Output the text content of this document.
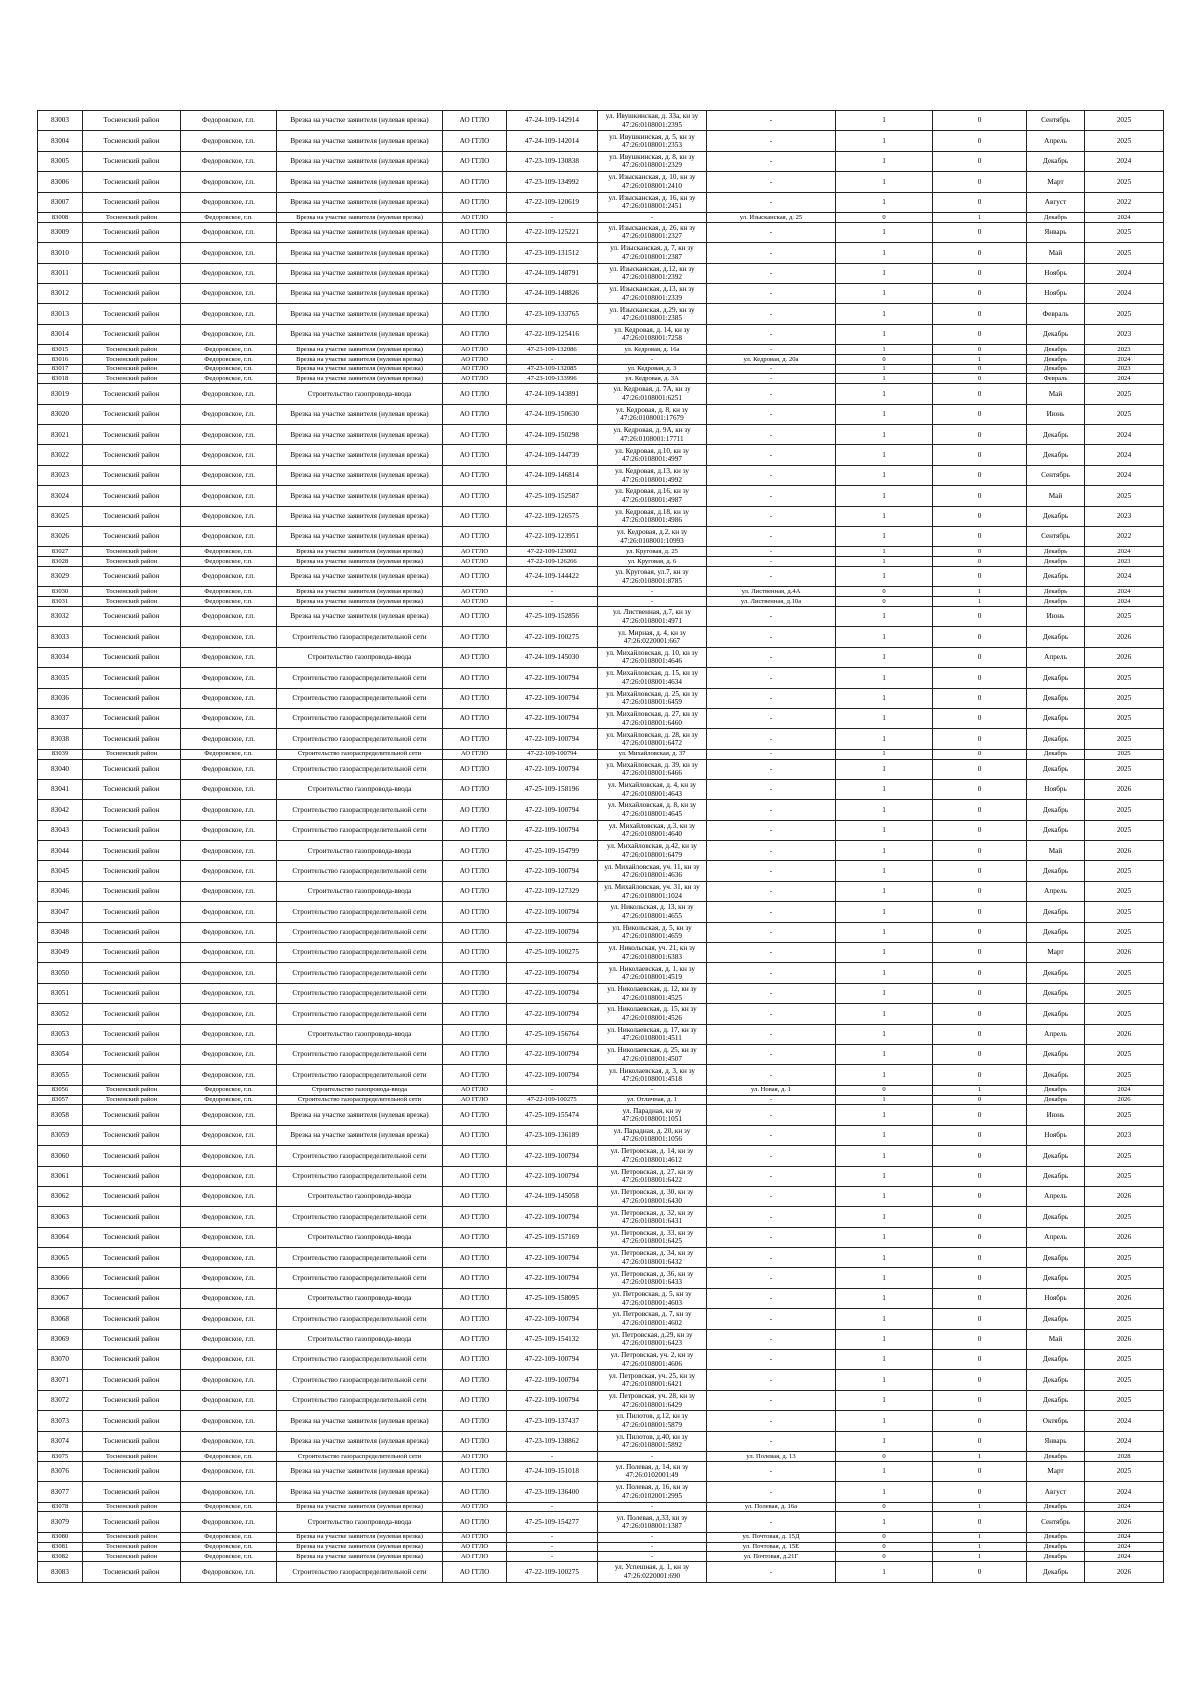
83003	Тосненский район	Федоровское, г.п.	Врезка на участке заявителя (нулевая врезка)	АО ГГЛО	47-24-109-142914	ул. Ивушкинская, д. 33а, кн зу 47:26:0108001:2395	-	1	0	Сентябрь	2025
83004	Тосненский район	Федоровское, г.п.	Врезка на участке заявителя (нулевая врезка)	АО ГГЛО	47-24-109-142014	ул. Ивушкинская, д. 5, кн зу 47:26:0108001:2353	-	1	0	Апрель	2025
83005	Тосненский район	Федоровское, г.п.	Врезка на участке заявителя (нулевая врезка)	АО ГГЛО	47-23-109-130838	ул. Ивушкинская, д. 8, кн зу 47:26:0108001:2329	-	1	0	Декабрь	2024
83006	Тосненский район	Федоровское, г.п.	Врезка на участке заявителя (нулевая врезка)	АО ГГЛО	47-23-109-134992	ул. Изысканская, д. 10, кн зу 47:26:0108001:2410	-	1	0	Март	2025
83007	Тосненский район	Федоровское, г.п.	Врезка на участке заявителя (нулевая врезка)	АО ГГЛО	47-22-109-120619	ул. Изысканская, д. 16, кн зу 47:26:0108001:2451	-	1	0	Август	2022
83008	Тосненский район	Федоровское, г.п.	Врезка на участке заявителя (нулевая врезка)	АО ГГЛО	-	-	ул. Изысканская, д. 25	0	1	Декабрь	2024
83009	Тосненский район	Федоровское, г.п.	Врезка на участке заявителя (нулевая врезка)	АО ГГЛО	47-22-109-125221	ул. Изысканская, д. 26, кн зу 47:26:0108001:2327	-	1	0	Январь	2025
83010	Тосненский район	Федоровское, г.п.	Врезка на участке заявителя (нулевая врезка)	АО ГГЛО	47-23-109-131512	ул. Изысканская, д. 7, кн зу 47:26:0108001:2387	-	1	0	Май	2025
83011	Тосненский район	Федоровское, г.п.	Врезка на участке заявителя (нулевая врезка)	АО ГГЛО	47-24-109-148791	ул. Изысканская, д.12, кн зу 47:26:0108001:2392	-	1	0	Ноябрь	2024
83012	Тосненский район	Федоровское, г.п.	Врезка на участке заявителя (нулевая врезка)	АО ГГЛО	47-24-109-148826	ул. Изысканская, д.13, кн зу 47:26:0108001:2339	-	1	0	Ноябрь	2024
83013	Тосненский район	Федоровское, г.п.	Врезка на участке заявителя (нулевая врезка)	АО ГГЛО	47-23-109-133765	ул. Изысканская, д.29, кн зу 47:26:0108001:2385	-	1	0	Февраль	2025
83014	Тосненский район	Федоровское, г.п.	Врезка на участке заявителя (нулевая врезка)	АО ГГЛО	47-22-109-125416	ул. Кедровая, д. 14, кн зу 47:26:0108001:7258	-	1	0	Декабрь	2023
83015	Тосненский район	Федоровское, г.п.	Врезка на участке заявителя (нулевая врезка)	АО ГГЛО	47-23-109-132086	ул. Кедровая, д. 16а	-	1	0	Декабрь	2023
83016	Тосненский район	Федоровское, г.п.	Врезка на участке заявителя (нулевая врезка)	АО ГГЛО	-	-	ул. Кедровая, д. 20а	0	1	Декабрь	2024
83017	Тосненский район	Федоровское, г.п.	Врезка на участке заявителя (нулевая врезка)	АО ГГЛО	47-23-109-132085	ул. Кедровая, д. 3	-	1	0	Декабрь	2023
83018	Тосненский район	Федоровское, г.п.	Врезка на участке заявителя (нулевая врезка)	АО ГГЛО	47-23-109-133996	ул. Кедровая, д. 3А	-	1	0	Февраль	2024
83019	Тосненский район	Федоровское, г.п.	Строительство газопровода-ввода	АО ГГЛО	47-24-109-143891	ул. Кедровая, д. 7А, кн зу 47:26:0108001:6251	-	1	0	Май	2025
83020	Тосненский район	Федоровское, г.п.	Врезка на участке заявителя (нулевая врезка)	АО ГГЛО	47-24-109-150630	ул. Кедровая, д. 8, кн зу 47:26:0108001:17679	-	1	0	Июнь	2025
83021	Тосненский район	Федоровское, г.п.	Врезка на участке заявителя (нулевая врезка)	АО ГГЛО	47-24-109-150298	ул. Кедровая, д. 9А, кн зу 47:26:0108001:17711	-	1	0	Декабрь	2024
83022	Тосненский район	Федоровское, г.п.	Врезка на участке заявителя (нулевая врезка)	АО ГГЛО	47-24-109-144739	ул. Кедровая, д.10, кн зу 47:26:0108001:4997	-	1	0	Декабрь	2024
83023	Тосненский район	Федоровское, г.п.	Врезка на участке заявителя (нулевая врезка)	АО ГГЛО	47-24-109-146814	ул. Кедровая, д.13, кн зу 47:26:0108001:4992	-	1	0	Сентябрь	2024
83024	Тосненский район	Федоровское, г.п.	Врезка на участке заявителя (нулевая врезка)	АО ГГЛО	47-25-109-152587	ул. Кедровая, д.16, кн зу 47:26:0108001:4987	-	1	0	Май	2025
83025	Тосненский район	Федоровское, г.п.	Врезка на участке заявителя (нулевая врезка)	АО ГГЛО	47-22-109-126575	ул. Кедровая, д.18, кн зу 47:26:0108001:4986	-	1	0	Декабрь	2023
83026	Тосненский район	Федоровское, г.п.	Врезка на участке заявителя (нулевая врезка)	АО ГГЛО	47-22-109-123951	ул. Кедровая, д.2, кн зу 47:26:0108001:10993	-	1	0	Сентябрь	2022
83027	Тосненский район	Федоровское, г.п.	Врезка на участке заявителя (нулевая врезка)	АО ГГЛО	47-22-109-123002	ул. Круговая, д. 25	-	1	0	Декабрь	2024
83028	Тосненский район	Федоровское, г.п.	Врезка на участке заявителя (нулевая врезка)	АО ГГЛО	47-22-109-126266	ул. Круговая, д. 6	-	1	0	Декабрь	2023
83029	Тосненский район	Федоровское, г.п.	Врезка на участке заявителя (нулевая врезка)	АО ГГЛО	47-24-109-144422	ул. Круговая, ул.7, кн зу 47:26:0108001:8785	-	1	0	Декабрь	2024
83030	Тосненский район	Федоровское, г.п.	Врезка на участке заявителя (нулевая врезка)	АО ГГЛО	-	-	ул. Лиственная, д.4А	0	1	Декабрь	2024
83031	Тосненский район	Федоровское, г.п.	Врезка на участке заявителя (нулевая врезка)	АО ГГЛО	-	-	ул. Лиственная, д.10а	0	1	Декабрь	2024
83032	Тосненский район	Федоровское, г.п.	Врезка на участке заявителя (нулевая врезка)	АО ГГЛО	47-25-109-152856	ул. Лиственная, д.7, кн зу 47:26:0108001:4971	-	1	0	Июнь	2025
83033	Тосненский район	Федоровское, г.п.	Строительство газораспределительной сети	АО ГГЛО	47-22-109-100275	ул. Мирная, д. 4, кн зу 47:26:0220001:667	-	1	0	Декабрь	2026
83034	Тосненский район	Федоровское, г.п.	Строительство газопровода-ввода	АО ГГЛО	47-24-109-145030	ул. Михайловская, д. 10, кн зу 47:26:0108001:4646	-	1	0	Апрель	2026
83035	Тосненский район	Федоровское, г.п.	Строительство газораспределительной сети	АО ГГЛО	47-22-109-100794	ул. Михайловская, д. 15, кн зу 47:26:0108001:4634	-	1	0	Декабрь	2025
83036	Тосненский район	Федоровское, г.п.	Строительство газораспределительной сети	АО ГГЛО	47-22-109-100794	ул. Михайловская, д. 25, кн зу 47:26:0108001:6459	-	1	0	Декабрь	2025
83037	Тосненский район	Федоровское, г.п.	Строительство газораспределительной сети	АО ГГЛО	47-22-109-100794	ул. Михайловская, д. 27, кн зу 47:26:0108001:6460	-	1	0	Декабрь	2025
83038	Тосненский район	Федоровское, г.п.	Строительство газораспределительной сети	АО ГГЛО	47-22-109-100794	ул. Михайловская, д. 28, кн зу 47:26:0108001:6472	-	1	0	Декабрь	2025
83039	Тосненский район	Федоровское, г.п.	Строительство газораспределительной сети	АО ГГЛО	47-22-109-100794	ул. Михайловская, д. 37	-	1	0	Декабрь	2025
83040	Тосненский район	Федоровское, г.п.	Строительство газораспределительной сети	АО ГГЛО	47-22-109-100794	ул. Михайловская, д. 39, кн зу 47:26:0108001:6466	-	1	0	Декабрь	2025
83041	Тосненский район	Федоровское, г.п.	Строительство газопровода-ввода	АО ГГЛО	47-25-109-158196	ул. Михайловская, д. 4, кн зу 47:26:0108001:4643	-	1	0	Ноябрь	2026
83042	Тосненский район	Федоровское, г.п.	Строительство газораспределительной сети	АО ГГЛО	47-22-109-100794	ул. Михайловская, д. 8, кн зу 47:26:0108001:4645	-	1	0	Декабрь	2025
83043	Тосненский район	Федоровское, г.п.	Строительство газораспределительной сети	АО ГГЛО	47-22-109-100794	ул. Михайловская, д.3, кн зу 47:26:0108001:4640	-	1	0	Декабрь	2025
83044	Тосненский район	Федоровское, г.п.	Строительство газопровода-ввода	АО ГГЛО	47-25-109-154799	ул. Михайловская, д.42, кн зу 47:26:0108001:6479	-	1	0	Май	2026
83045	Тосненский район	Федоровское, г.п.	Строительство газораспределительной сети	АО ГГЛО	47-22-109-100794	ул. Михайловская, уч. 11, кн зу 47:26:0108001:4636	-	1	0	Декабрь	2025
83046	Тосненский район	Федоровское, г.п.	Строительство газопровода-ввода	АО ГГЛО	47-22-109-127329	ул. Михайловская, уч. 31, кн зу 47:26:0108001:1024	-	1	0	Апрель	2025
83047	Тосненский район	Федоровское, г.п.	Строительство газораспределительной сети	АО ГГЛО	47-22-109-100794	ул. Никольская, д. 13, кн зу 47:26:0108001:4655	-	1	0	Декабрь	2025
83048	Тосненский район	Федоровское, г.п.	Строительство газораспределительной сети	АО ГГЛО	47-22-109-100794	ул. Никольская, д. 5, кн зу 47:26:0108001:4659	-	1	0	Декабрь	2025
83049	Тосненский район	Федоровское, г.п.	Строительство газораспределительной сети	АО ГГЛО	47-25-109-100275	ул. Никольская, уч. 21, кн зу 47:26:0108001:6383	-	1	0	Март	2026
83050	Тосненский район	Федоровское, г.п.	Строительство газораспределительной сети	АО ГГЛО	47-22-109-100794	ул. Николаевская, д. 1, кн зу 47:26:0108001:4519	-	1	0	Декабрь	2025
83051	Тосненский район	Федоровское, г.п.	Строительство газораспределительной сети	АО ГГЛО	47-22-109-100794	ул. Николаевская, д. 12, кн зу 47:26:0108001:4525	-	1	0	Декабрь	2025
83052	Тосненский район	Федоровское, г.п.	Строительство газораспределительной сети	АО ГГЛО	47-22-109-100794	ул. Николаевская, д. 15, кн зу 47:26:0108001:4526	-	1	0	Декабрь	2025
83053	Тосненский район	Федоровское, г.п.	Строительство газопровода-ввода	АО ГГЛО	47-25-109-156764	ул. Николаевская, д. 17, кн зу 47:26:0108001:4511	-	1	0	Апрель	2026
83054	Тосненский район	Федоровское, г.п.	Строительство газораспределительной сети	АО ГГЛО	47-22-109-100794	ул. Николаевская, д. 25, кн зу 47:26:0108001:4507	-	1	0	Декабрь	2025
83055	Тосненский район	Федоровское, г.п.	Строительство газораспределительной сети	АО ГГЛО	47-22-109-100794	ул. Николаевская, д. 3, кн зу 47:26:0108001:4518	-	1	0	Декабрь	2025
83056	Тосненский район	Федоровское, г.п.	Строительство газопровода-ввода	АО ГГЛО	-	-	ул. Новая, д. 1	0	1	Декабрь	2024
83057	Тосненский район	Федоровское, г.п.	Строительство газораспределительной сети	АО ГГЛО	47-22-109-100275	ул. Отличная, д. 1	-	1	0	Декабрь	2026
83058	Тосненский район	Федоровское, г.п.	Врезка на участке заявителя (нулевая врезка)	АО ГГЛО	47-25-109-155474	ул. Парадная, кн зу 47:26:0108001:1051	-	1	0	Июнь	2025
83059	Тосненский район	Федоровское, г.п.	Врезка на участке заявителя (нулевая врезка)	АО ГГЛО	47-23-109-136189	ул. Парадная, д. 20, кн зу 47:26:0108001:1056	-	1	0	Ноябрь	2023
83060	Тосненский район	Федоровское, г.п.	Строительство газораспределительной сети	АО ГГЛО	47-22-109-100794	ул. Петровская, д. 14, кн зу 47:26:0108001:4612	-	1	0	Декабрь	2025
83061	Тосненский район	Федоровское, г.п.	Строительство газораспределительной сети	АО ГГЛО	47-22-109-100794	ул. Петровская, д. 27, кн зу 47:26:0108001:6422	-	1	0	Декабрь	2025
83062	Тосненский район	Федоровское, г.п.	Строительство газопровода-ввода	АО ГГЛО	47-24-109-145058	ул. Петровская, д. 30, кн зу 47:26:0108001:6430	-	1	0	Апрель	2026
83063	Тосненский район	Федоровское, г.п.	Строительство газораспределительной сети	АО ГГЛО	47-22-109-100794	ул. Петровская, д. 32, кн зу 47:26:0108001:6431	-	1	0	Декабрь	2025
83064	Тосненский район	Федоровское, г.п.	Строительство газопровода-ввода	АО ГГЛО	47-25-109-157169	ул. Петровская, д. 33, кн зу 47:26:0108001:6425	-	1	0	Апрель	2026
83065	Тосненский район	Федоровское, г.п.	Строительство газораспределительной сети	АО ГГЛО	47-22-109-100794	ул. Петровская, д. 34, кн зу 47:26:0108001:6432	-	1	0	Декабрь	2025
83066	Тосненский район	Федоровское, г.п.	Строительство газораспределительной сети	АО ГГЛО	47-22-109-100794	ул. Петровская, д. 36, кн зу 47:26:0108001:6433	-	1	0	Декабрь	2025
83067	Тосненский район	Федоровское, г.п.	Строительство газопровода-ввода	АО ГГЛО	47-25-109-158095	ул. Петровская, д. 5, кн зу 47:26:0108001:4603	-	1	0	Ноябрь	2026
83068	Тосненский район	Федоровское, г.п.	Строительство газораспределительной сети	АО ГГЛО	47-22-109-100794	ул. Петровская, д. 7, кн зу 47:26:0108001:4602	-	1	0	Декабрь	2025
83069	Тосненский район	Федоровское, г.п.	Строительство газопровода-ввода	АО ГГЛО	47-25-109-154132	ул. Петровская, д.29, кн зу 47:26:0108001:6423	-	1	0	Май	2026
83070	Тосненский район	Федоровское, г.п.	Строительство газораспределительной сети	АО ГГЛО	47-22-109-100794	ул. Петровская, уч. 2, кн зу 47:26:0108001:4606	-	1	0	Декабрь	2025
83071	Тосненский район	Федоровское, г.п.	Строительство газораспределительной сети	АО ГГЛО	47-22-109-100794	ул. Петровская, уч. 25, кн зу 47:26:0108001:6421	-	1	0	Декабрь	2025
83072	Тосненский район	Федоровское, г.п.	Строительство газораспределительной сети	АО ГГЛО	47-22-109-100794	ул. Петровская, уч. 28, кн зу 47:26:0108001:6429	-	1	0	Декабрь	2025
83073	Тосненский район	Федоровское, г.п.	Врезка на участке заявителя (нулевая врезка)	АО ГГЛО	47-23-109-137437	ул. Пилотов, д.12, кн зу 47:26:0108001:5879	-	1	0	Октябрь	2024
83074	Тосненский район	Федоровское, г.п.	Врезка на участке заявителя (нулевая врезка)	АО ГГЛО	47-23-109-138862	ул. Пилотов, д.40, кн зу 47:26:0108001:5892	-	1	0	Январь	2024
83075	Тосненский район	Федоровское, г.п.	Строительство газораспределительной сети	АО ГГЛО	-	-	ул. Полевая, д. 13	0	1	Декабрь	2028
83076	Тосненский район	Федоровское, г.п.	Врезка на участке заявителя (нулевая врезка)	АО ГГЛО	47-24-109-151018	ул. Полевая, д. 14, кн зу 47:26:0102001:49	-	1	0	Март	2025
83077	Тосненский район	Федоровское, г.п.	Врезка на участке заявителя (нулевая врезка)	АО ГГЛО	47-23-109-136400	ул. Полевая, д. 16, кн зу 47:26:0102001:2995	-	1	0	Август	2024
83078	Тосненский район	Федоровское, г.п.	Врезка на участке заявителя (нулевая врезка)	АО ГГЛО	-	-	ул. Полевая, д. 16а	0	1	Декабрь	2024
83079	Тосненский район	Федоровское, г.п.	Строительство газопровода-ввода	АО ГГЛО	47-25-109-154277	ул. Полевая, д.33, кн зу 47:26:0108001:1387	-	1	0	Сентябрь	2026
83080	Тосненский район	Федоровское, г.п.	Врезка на участке заявителя (нулевая врезка)	АО ГГЛО	-	-	ул. Почтовая, д. 15Д	0	1	Декабрь	2024
83081	Тосненский район	Федоровское, г.п.	Врезка на участке заявителя (нулевая врезка)	АО ГГЛО	-	-	ул. Почтовая, д. 15Е	0	1	Декабрь	2024
83082	Тосненский район	Федоровское, г.п.	Врезка на участке заявителя (нулевая врезка)	АО ГГЛО	-	-	ул. Почтовая, д.21Г	0	1	Декабрь	2024
83083	Тосненский район	Федоровское, г.п.	Строительство газораспределительной сети	АО ГГЛО	47-22-109-100275	ул. Успешная, д. 1, кн зу 47:26:0220001:690	-	1	0	Декабрь	2026
